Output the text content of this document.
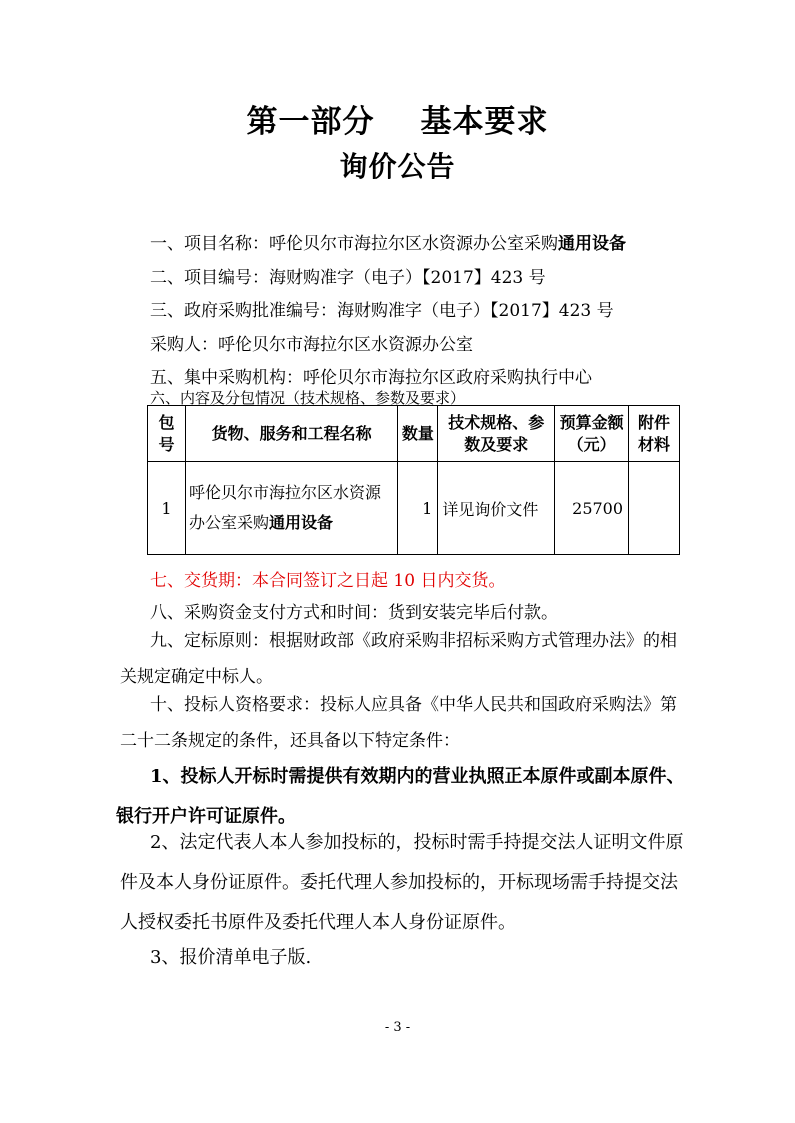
第一部分 基本要求
询价公告
一、项目名称：呼伦贝尔市海拉尔区水资源办公室采购通用设备
二、项目编号：海财购准字（电子）【2017】423 号
三、政府采购批准编号：海财购准字（电子）【2017】423 号
采购人：呼伦贝尔市海拉尔区水资源办公室
五、集中采购机构：呼伦贝尔市海拉尔区政府采购执行中心
六、内容及分包情况（技术规格、参数及要求）
包号	货物、服务和工程名称	数量	技术规格、参数及要求	预算金额（元）	附件材料
1	呼伦贝尔市海拉尔区水资源办公室采购通用设备	1	详见询价文件	25700	
七、交货期：本合同签订之日起 10 日内交货。
八、采购资金支付方式和时间：货到安装完毕后付款。
九、定标原则：根据财政部《政府采购非招标采购方式管理办法》的相关规定确定中标人。
十、投标人资格要求：投标人应具备《中华人民共和国政府采购法》第二十二条规定的条件，还具备以下特定条件：
1、投标人开标时需提供有效期内的营业执照正本原件或副本原件、银行开户许可证原件。
2、法定代表人本人参加投标的，投标时需手持提交法人证明文件原件及本人身份证原件。委托代理人参加投标的，开标现场需手持提交法人授权委托书原件及委托代理人本人身份证原件。
3、报价清单电子版.
- 3 -
